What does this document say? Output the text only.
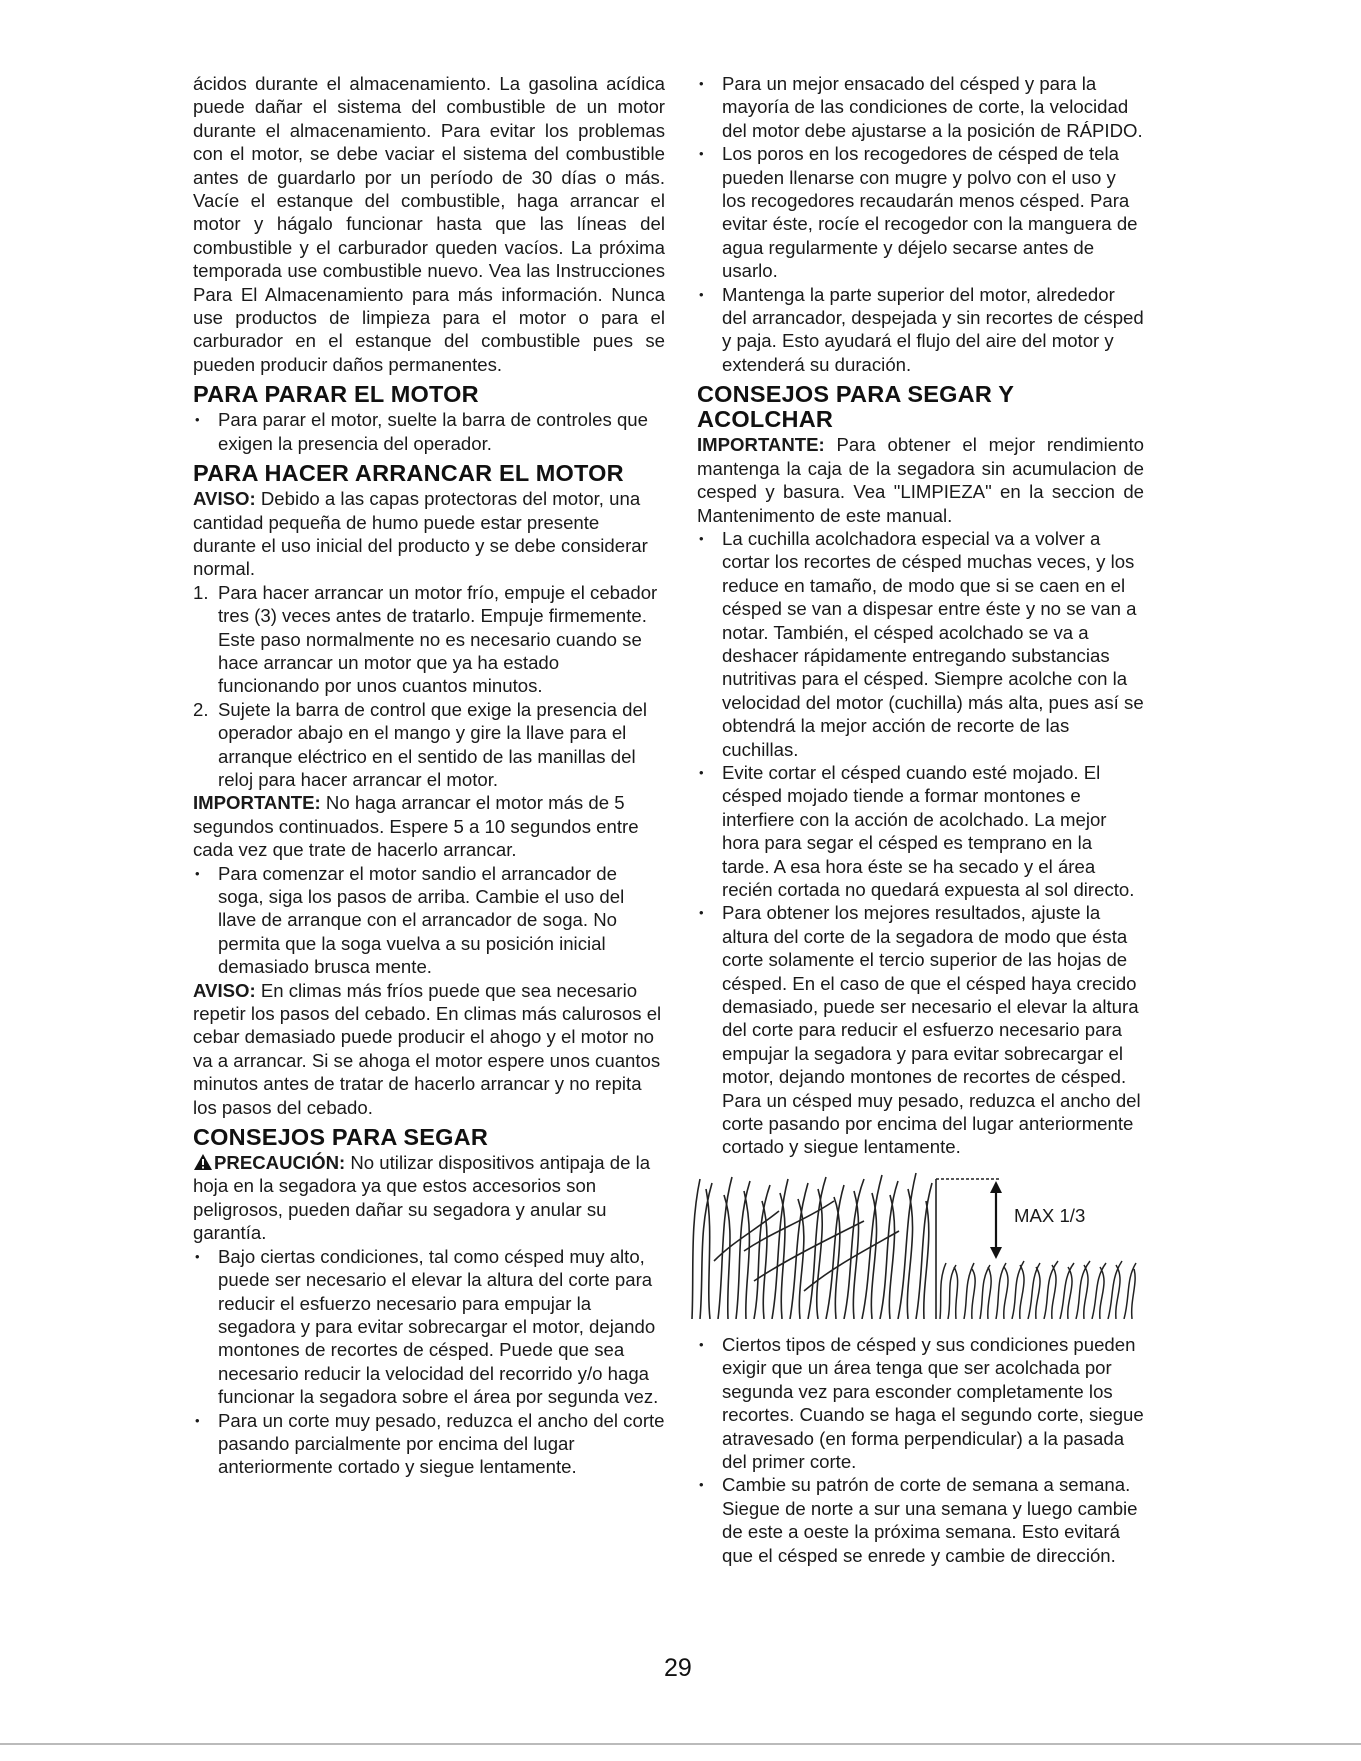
ácidos durante el almacenamiento. La gasolina acídica puede dañar el sistema del combustible de un motor durante el almacenamiento. Para evitar los problemas con el motor, se debe vaciar el sistema del combustible antes de guardarlo por un período de 30 días o más. Vacíe el estanque del combustible, haga arrancar el motor y hágalo funcionar hasta que las líneas del combustible y el carburador queden vacíos. La próxima temporada use combustible nuevo. Vea las Instrucciones Para El Almacenamiento para más información. Nunca use productos de limpieza para el motor o para el carburador en el estanque del combustible pues se pueden producir daños permanentes.

PARA PARAR EL MOTOR
• Para parar el motor, suelte la barra de controles que exigen la presencia del operador.
PARA HACER ARRANCAR EL MOTOR

AVISO: Debido a las capas protectoras del motor, una cantidad pequeña de humo puede estar presente durante el uso inicial del producto y se debe considerar normal.

1. Para hacer arrancar un motor frío, empuje el cebador tres (3) veces antes de tratarlo. Empuje firmemente. Este paso normalmente no es necesario cuando se hace arrancar un motor que ya ha estado funcionando por unos cuantos minutos.
2. Sujete la barra de control que exige la presencia del operador abajo en el mango y gire la llave para el arranque eléctrico en el sentido de las manillas del reloj para hacer arrancar el motor.

IMPORTANTE: No haga arrancar el motor más de 5 segundos continuados. Espere 5 a 10 segundos entre cada vez que trate de hacerlo arrancar.

• Para comenzar el motor sandio el arrancador de soga, siga los pasos de arriba. Cambie el uso del llave de arranque con el arrancador de soga. No permita que la soga vuelva a su posición inicial demasiado brusca mente.

AVISO: En climas más fríos puede que sea necesario repetir los pasos del cebado. En climas más calurosos el cebar demasiado puede producir el ahogo y el motor no va a arrancar. Si se ahoga el motor espere unos cuantos minutos antes de tratar de hacerlo arrancar y no repita los pasos del cebado.

CONSEJOS PARA SEGAR

PRECAUCIÓN: No utilizar dispositivos antipaja de la hoja en la segadora ya que estos accesorios son peligrosos, pueden dañar su segadora y anular su garantía.

• Bajo ciertas condiciones, tal como césped muy alto, puede ser necesario el elevar la altura del corte para reducir el esfuerzo necesario para empujar la segadora y para evitar sobrecargar el motor, dejando montones de recortes de césped. Puede que sea necesario reducir la velocidad del recorrido y/o haga funcionar la segadora sobre el área por segunda vez.
• Para un corte muy pesado, reduzca el ancho del corte pasando parcialmente por encima del lugar anteriormente cortado y siegue lentamente.
• Para un mejor ensacado del césped y para la mayoría de las condiciones de corte, la velocidad del motor debe ajustarse a la posición de RÁPIDO.
• Los poros en los recogedores de césped de tela pueden llenarse con mugre y polvo con el uso y los recogedores recaudarán menos césped. Para evitar éste, rocíe el recogedor con la manguera de agua regularmente y déjelo secarse antes de usarlo.
• Mantenga la parte superior del motor, alrededor del arrancador, despejada y sin recortes de césped y paja. Esto ayudará el flujo del aire del motor y extenderá su duración.
CONSEJOS PARA SEGAR Y ACOLCHAR

IMPORTANTE: Para obtener el mejor rendimiento mantenga la caja de la segadora sin acumulacion de cesped y basura. Vea "LIMPIEZA" en la seccion de Mantenimento de este manual.

• La cuchilla acolchadora especial va a volver a cortar los recortes de césped muchas veces, y los reduce en tamaño, de modo que si se caen en el césped se van a dispesar entre éste y no se van a notar. También, el césped acolchado se va a deshacer rápidamente entregando substancias nutritivas para el césped. Siempre acolche con la velocidad del motor (cuchilla) más alta, pues así se obtendrá la mejor acción de recorte de las cuchillas.
• Evite cortar el césped cuando esté mojado. El césped mojado tiende a formar montones e interfiere con la acción de acolchado. La mejor hora para segar el césped es temprano en la tarde. A esa hora éste se ha secado y el área recién cortada no quedará expuesta al sol directo.
• Para obtener los mejores resultados, ajuste la altura del corte de la segadora de modo que ésta corte solamente el tercio superior de las hojas de césped. En el caso de que el césped haya crecido demasiado, puede ser necesario el elevar la altura del corte para reducir el esfuerzo necesario para empujar la segadora y para evitar sobrecargar el motor, dejando montones de recortes de césped. Para un césped muy pesado, reduzca el ancho del corte pasando por encima del lugar anteriormente cortado y siegue lentamente.
MAX 1/3
• Ciertos tipos de césped y sus condiciones pueden exigir que un área tenga que ser acolchada por segunda vez para esconder completamente los recortes. Cuando se haga el segundo corte, siegue atravesado (en forma perpendicular) a la pasada del primer corte.
• Cambie su patrón de corte de semana a semana. Siegue de norte a sur una semana y luego cambie de este a oeste la próxima semana. Esto evitará que el césped se enrede y cambie de dirección.
29
